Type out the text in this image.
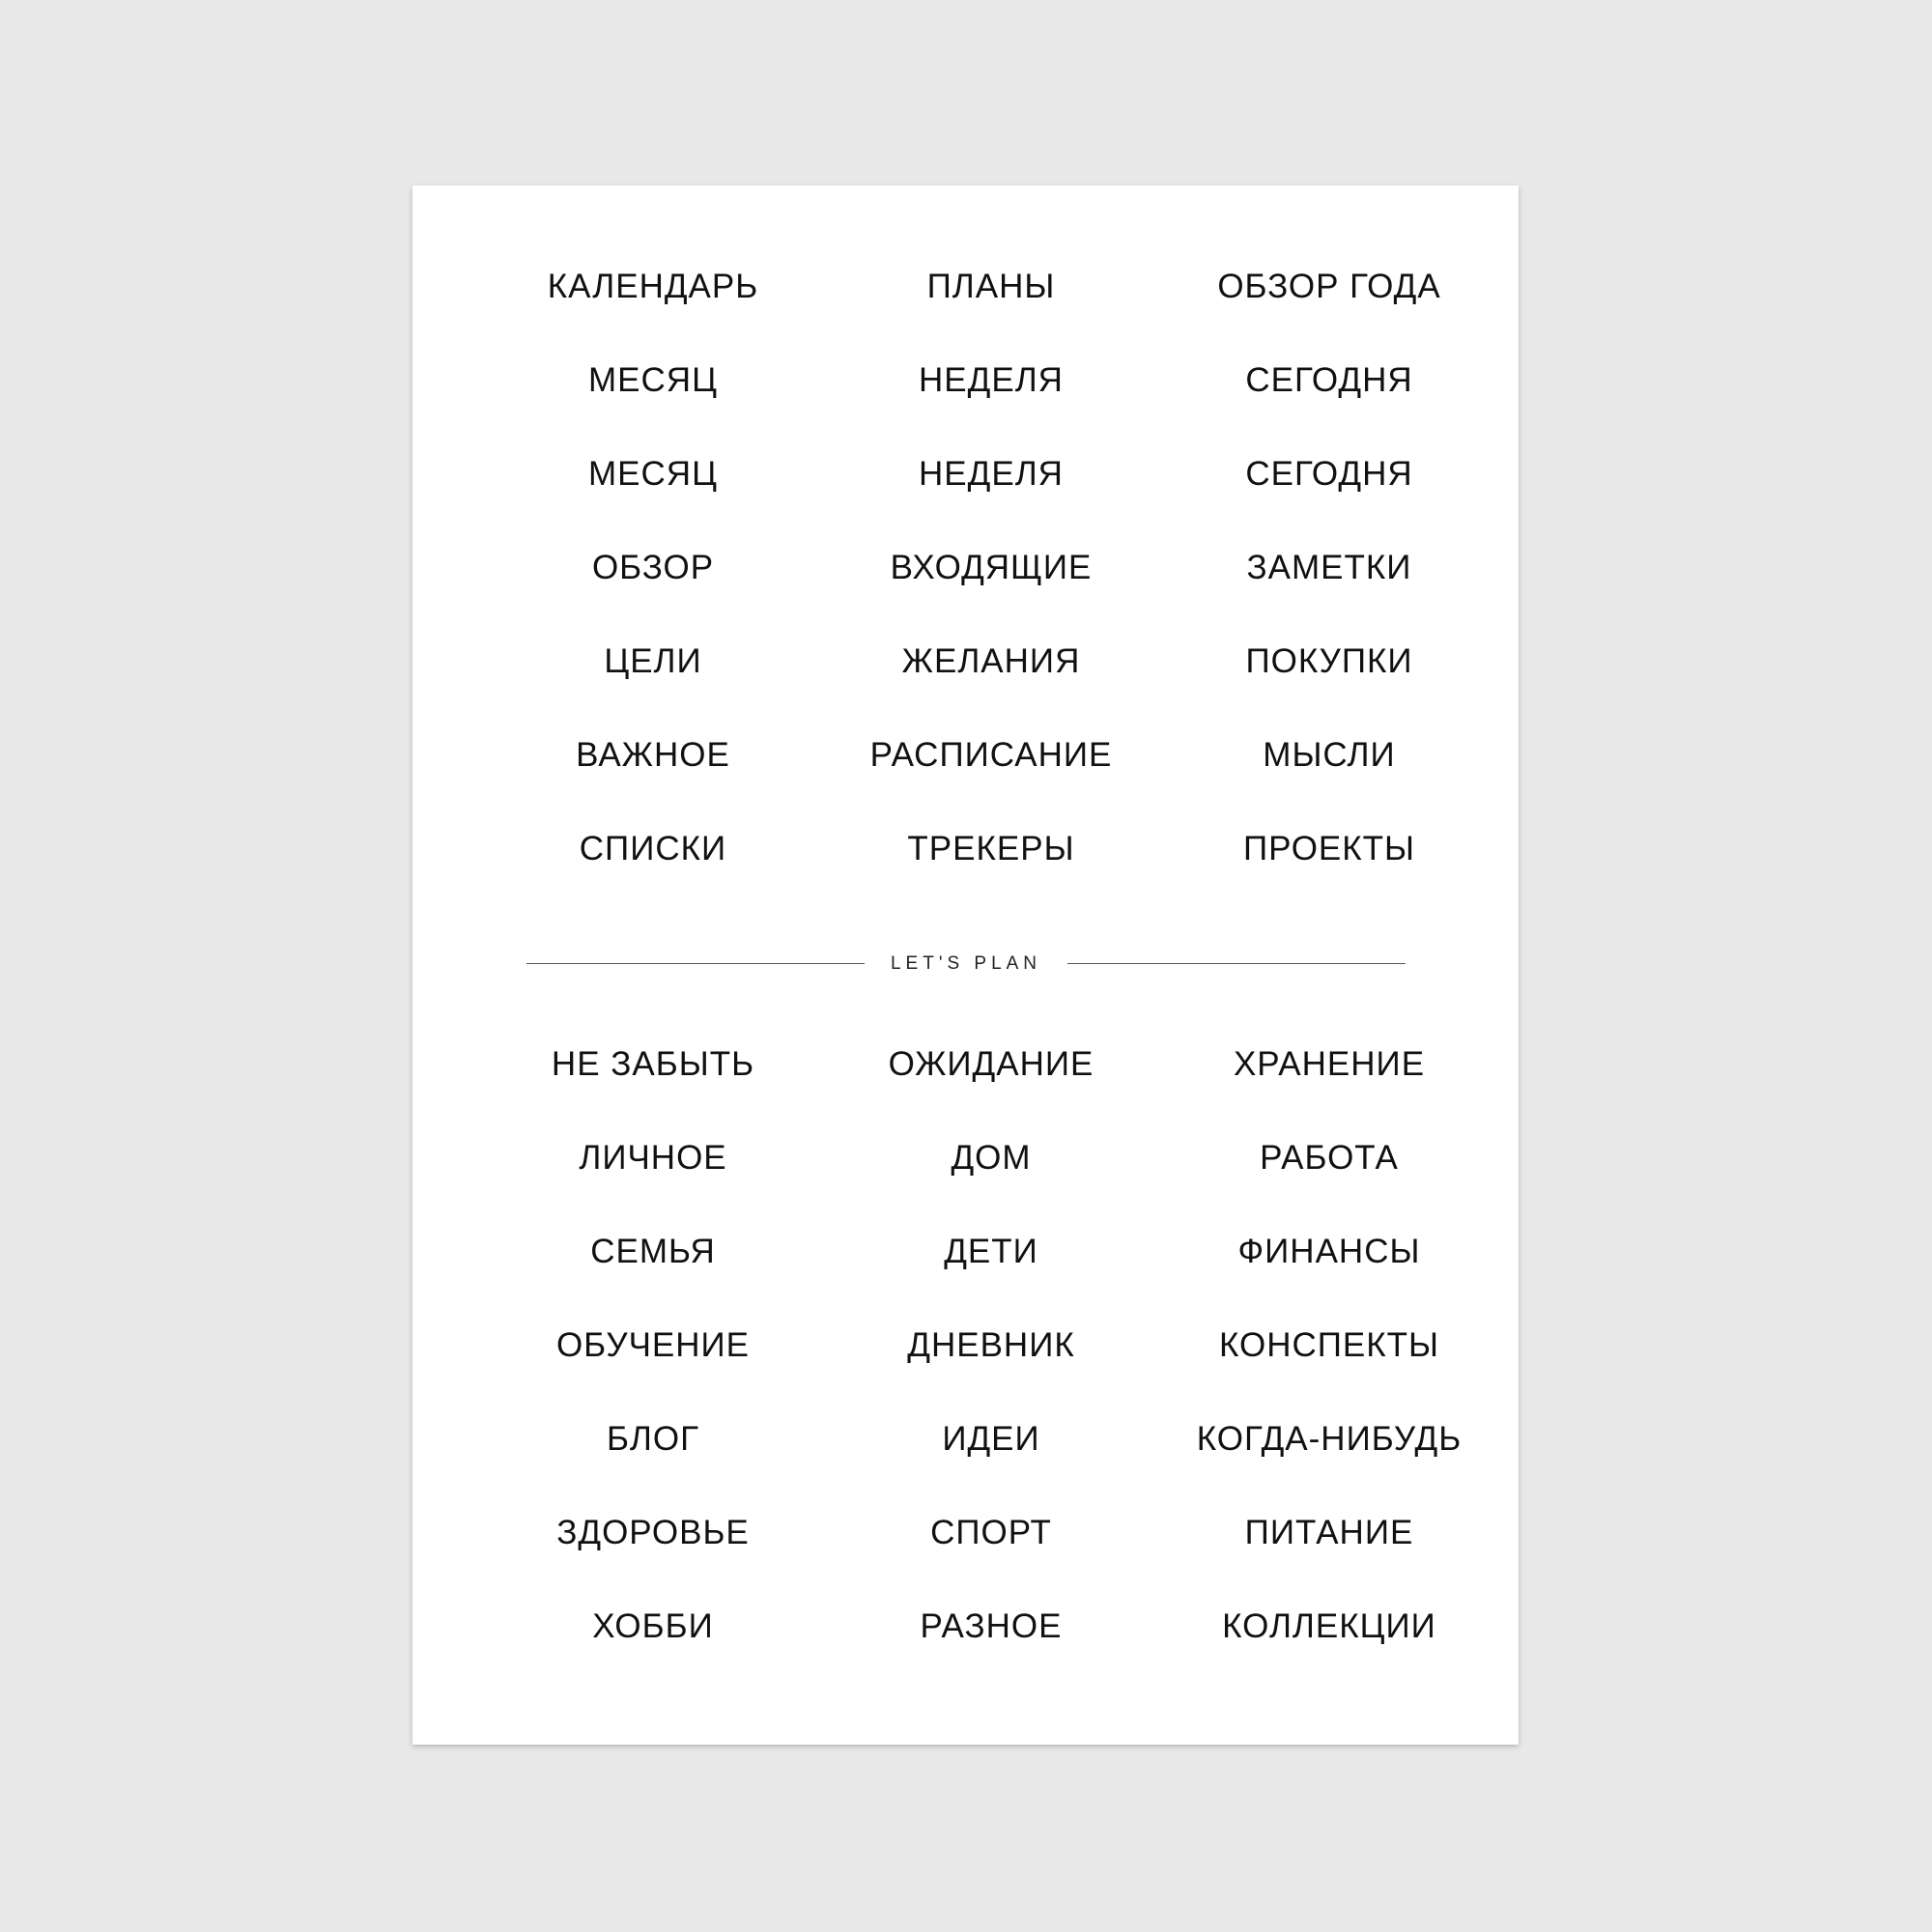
КАЛЕНДАРЬ	ПЛАНЫ	ОБЗОР ГОДА
МЕСЯЦ	НЕДЕЛЯ	СЕГОДНЯ
МЕСЯЦ	НЕДЕЛЯ	СЕГОДНЯ
ОБЗОР	ВХОДЯЩИЕ	ЗАМЕТКИ
ЦЕЛИ	ЖЕЛАНИЯ	ПОКУПКИ
ВАЖНОЕ	РАСПИСАНИЕ	МЫСЛИ
СПИСКИ	ТРЕКЕРЫ	ПРОЕКТЫ
LET'S PLAN
НЕ ЗАБЫТЬ	ОЖИДАНИЕ	ХРАНЕНИЕ
ЛИЧНОЕ	ДОМ	РАБОТА
СЕМЬЯ	ДЕТИ	ФИНАНСЫ
ОБУЧЕНИЕ	ДНЕВНИК	КОНСПЕКТЫ
БЛОГ	ИДЕИ	КОГДА-НИБУДЬ
ЗДОРОВЬЕ	СПОРТ	ПИТАНИЕ
ХОББИ	РАЗНОЕ	КОЛЛЕКЦИИ
